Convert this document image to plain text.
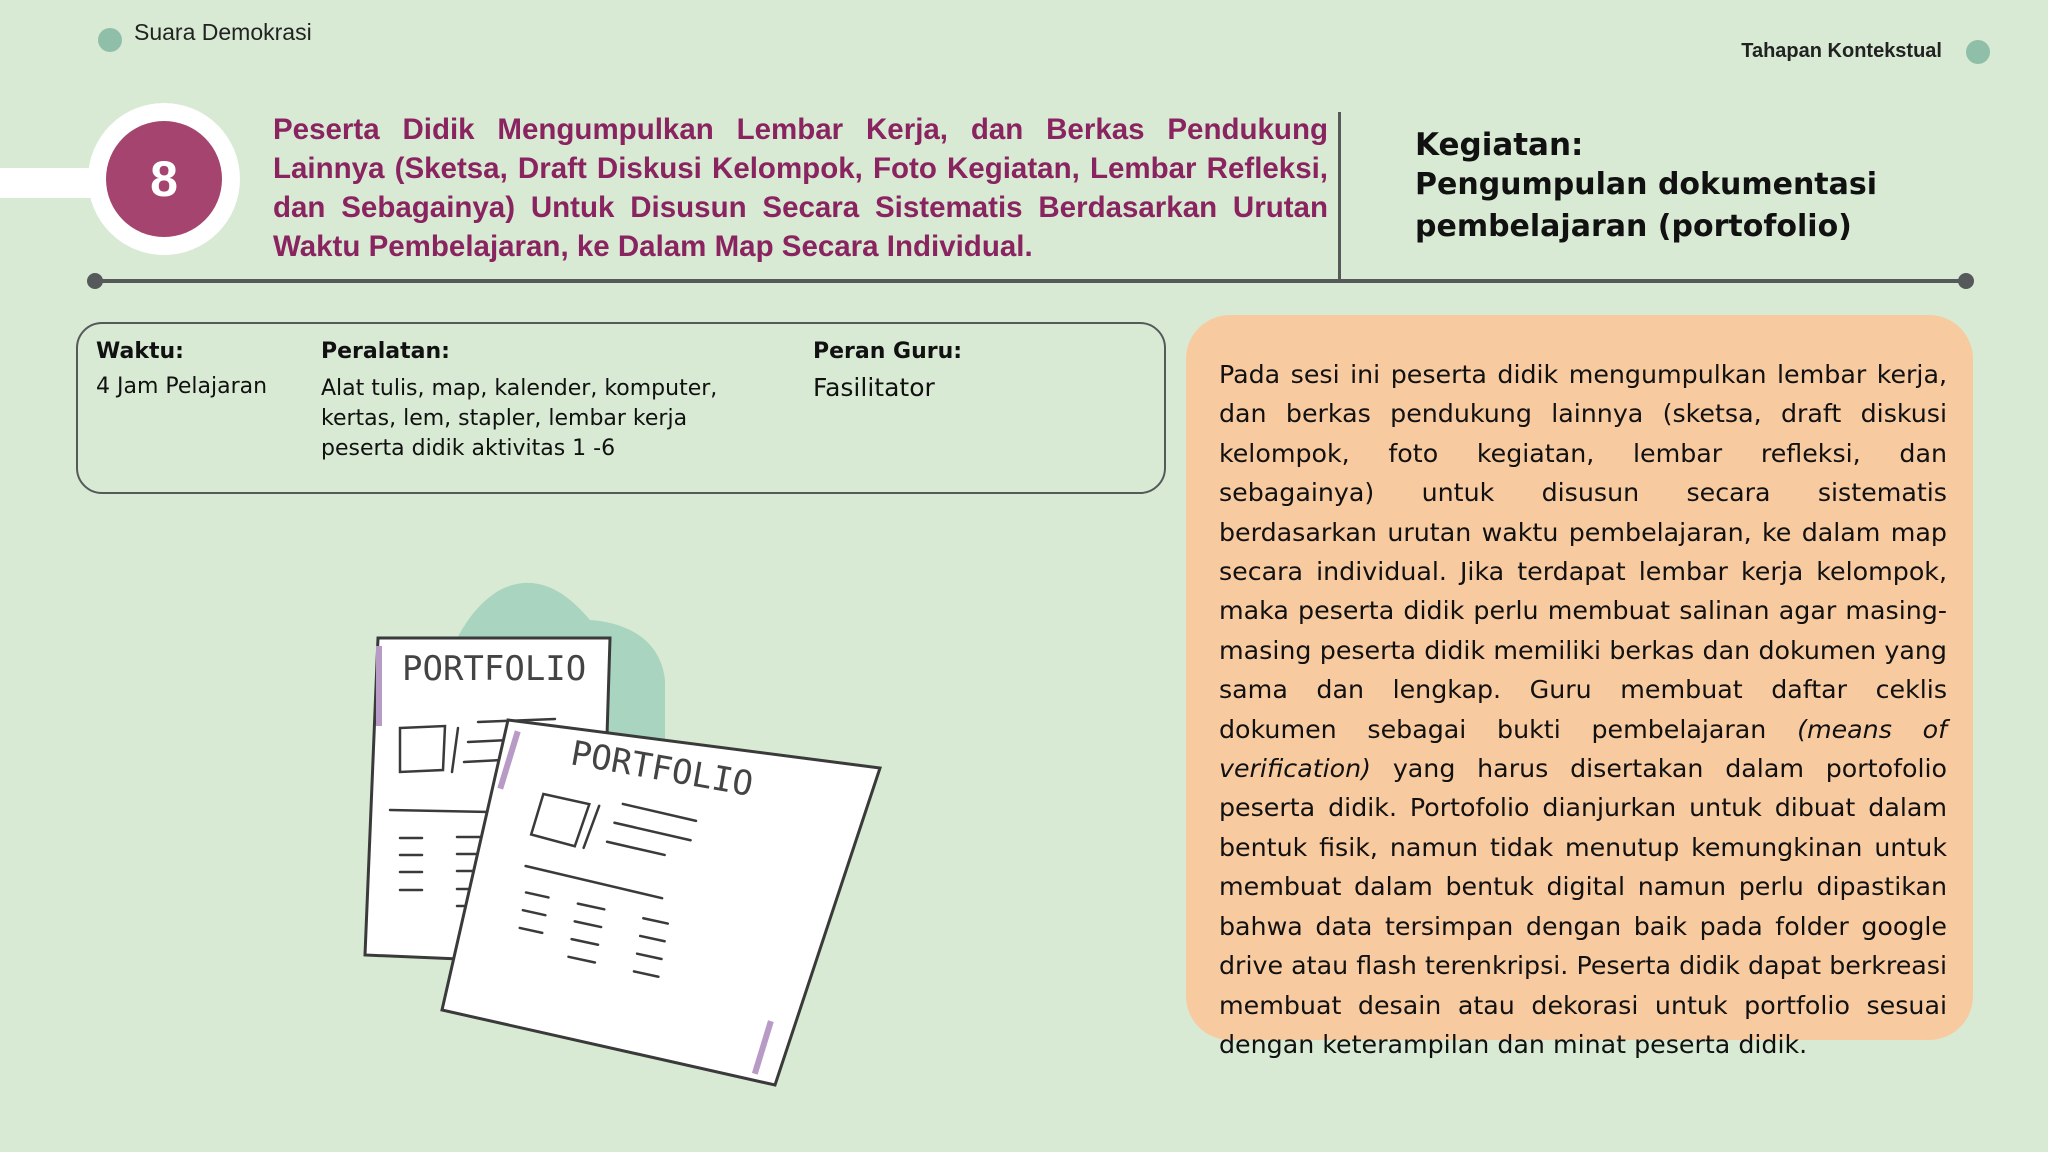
Suara Demokrasi
Tahapan Kontekstual
8
Peserta Didik Mengumpulkan Lembar Kerja, dan Berkas Pendukung Lainnya (Sketsa, Draft Diskusi Kelompok, Foto Kegiatan, Lembar Refleksi, dan Sebagainya) Untuk Disusun Secara Sistematis Berdasarkan Urutan Waktu Pembelajaran, ke Dalam Map Secara Individual.
Kegiatan:
Pengumpulan dokumentasi pembelajaran (portofolio)
Waktu:
4 Jam Pelajaran
Peralatan:
Alat tulis, map, kalender, komputer, kertas, lem, stapler, lembar kerja peserta didik aktivitas 1 -6
Peran Guru:
Fasilitator	Pada sesi ini peserta didik mengumpulkan lembar kerja, dan berkas pendukung lainnya (sketsa, draft diskusi kelompok, foto kegiatan, lembar refleksi, dan sebagainya) untuk disusun secara sistematis berdasarkan urutan waktu pembelajaran, ke dalam map secara individual. Jika terdapat lembar kerja kelompok, maka peserta didik perlu membuat salinan agar masing-masing peserta didik memiliki berkas dan dokumen yang sama dan lengkap. Guru membuat daftar ceklis dokumen sebagai bukti pembelajaran (means of verification) yang harus disertakan dalam portofolio peserta didik. Portofolio dianjurkan untuk dibuat dalam bentuk fisik, namun tidak menutup kemungkinan untuk membuat dalam bentuk digital namun perlu dipastikan bahwa data tersimpan dengan baik pada folder google drive atau flash terenkripsi. Peserta didik dapat berkreasi membuat desain atau dekorasi untuk portfolio sesuai dengan keterampilan dan minat peserta didik.
PORTFOLIO
PORTFOLIO
